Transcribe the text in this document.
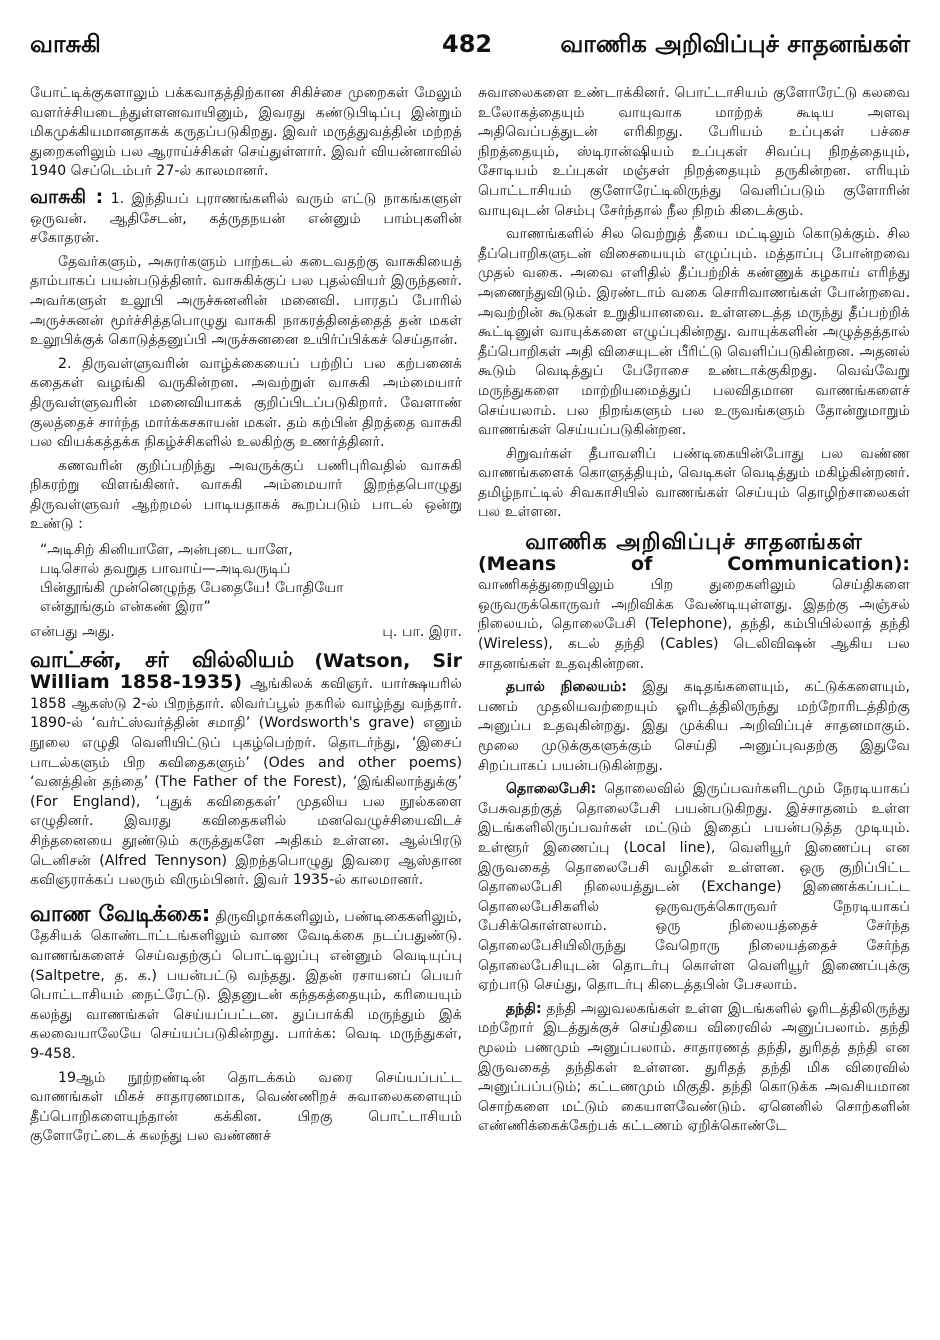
வாசுகி	482	வாணிக அறிவிப்புச் சாதனங்கள்

யோட்டிக்குகளாலும் பக்கவாதத்திற்கான சிகிச்சை முறைகள் மேலும் வளர்ச்சியடைந்துள்ளனவாயினும், இவரது கண்டுபிடிப்பு இன்றும் மிகமுக்கியமானதாகக் கருதப்படுகிறது. இவர் மருத்துவத்தின் மற்றத் துறைகளிலும் பல ஆராய்ச்சிகள் செய்துள்ளார். இவர் வியன்னாவில் 1940 செப்டெம்பர் 27-ல் காலமானர்.

வாசுகி : 1. இந்தியப் புராணங்களில் வரும் எட்டு நாகங்களுள் ஒருவன். ஆதிசேடன், கத்ருதநயன் என்னும் பாம்புகளின் சகோதரன்.

தேவர்களும், அசுரர்களும் பாற்கடல் கடைவதற்கு வாசுகியைத் தாம்பாகப் பயன்படுத்தினர். வாசுகிக்குப் பல புதல்வியர் இருந்தனர். அவர்களுள் உலூபி அருச்சுனனின் மனைவி. பாரதப் போரில் அருச்சுனன் மூர்ச்சித்தபொழுது வாசுகி நாகரத்தினத்தைத் தன் மகள் உலூபிக்குக் கொடுத்தனுப்பி அருச்சுனனை உயிர்ப்பிக்கச் செய்தான்.

2. திருவள்ளுவரின் வாழ்க்கையைப் பற்றிப் பல கற்பனைக் கதைகள் வழங்கி வருகின்றன. அவற்றுள் வாசுகி அம்மையார் திருவள்ளுவரின் மனைவியாகக் குறிப்பிடப்படுகிறார். வேளாண் குலத்தைச் சார்ந்த மார்க்கசகாயன் மகள். தம் கற்பின் திறத்தை வாசுகி பல வியக்கத்தக்க நிகழ்ச்சிகளில் உலகிற்கு உணர்த்தினர்.

கணவரின் குறிப்பறிந்து அவருக்குப் பணிபுரிவதில் வாசுகி நிகரற்று விளங்கினர். வாசுகி அம்மையார் இறந்தபொழுது திருவள்ளுவர் ஆற்றமல் பாடியதாகக் கூறப்படும் பாடல் ஒன்று உண்டு :

“அடிசிற் கினியாளே, அன்புடை யாளே,
படிசொல் தவறுத பாவாய்—அடிவருடிப்
பின்தூங்கி முன்னெழுந்த பேதையே! போதியோ
என்தூங்கும் என்கண் இரா”
என்பது அது.	பு. பா. இரா.

வாட்சன், சர் வில்லியம் (Watson, Sir William 1858-1935) ஆங்கிலக் கவிஞர். யார்க்ஷயரில் 1858 ஆகஸ்டு 2-ல் பிறந்தார். லிவர்ப்பூல் நகரில் வாழ்ந்து வந்தார். 1890-ல் ‘வர்ட்ஸ்வர்த்தின் சமாதி’ (Wordsworth's grave) எனும் நூலை எழுதி வெளியிட்டுப் புகழ்பெற்றர். தொடர்ந்து, ‘இசைப் பாடல்களும் பிற கவிதைகளும்’ (Odes and other poems) ‘வனத்தின் தந்தை’ (The Father of the Forest), ‘இங்கிலாந்துக்கு’ (For England), ‘புதுக் கவிதைகள்’ முதலிய பல நூல்களை எழுதினர். இவரது கவிதைகளில் மனவெழுச்சியைவிடச் சிந்தனையை தூண்டும் கருத்துகளே அதிகம் உள்ளன. ஆல்பிரடு டெனிசன் (Alfred Tennyson) இறந்தபொழுது இவரை ஆஸ்தான கவிஞராக்கப் பலரும் விரும்பினர். இவர் 1935-ல் காலமானர்.

வாண வேடிக்கை: திருவிழாக்களிலும், பண்டிகைகளிலும், தேசியக் கொண்டாட்டங்களிலும் வாண வேடிக்கை நடப்பதுண்டு. வாணங்களைச் செய்வதற்குப் பொட்டிலுப்பு என்னும் வெடியுப்பு (Saltpetre, த. க.) பயன்பட்டு வந்தது. இதன் ரசாயனப் பெயர் பொட்டாசியம் நைட்ரேட்டு. இதனுடன் கந்தகத்தையும், கரியையும் கலந்து வாணங்கள் செய்யப்பட்டன. துப்பாக்கி மருந்தும் இக் கலவையாலேயே செய்யப்படுகின்றது. பார்க்க: வெடி மருந்துகள், 9-458.

19ஆம் நூற்றண்டின் தொடக்கம் வரை செய்யப்பட்ட வாணங்கள் மிகச் சாதாரணமாக, வெண்ணிறச் சுவாலைகளையும் தீப்பொறிகளையுந்தான் கக்கின. பிறகு பொட்டாசியம் குளோரேட்டைக் கலந்து பல வண்ணச்

சுவாலைகளை உண்டாக்கினர். பொட்டாசியம் குளோரேட்டு கலவை உலோகத்தையும் வாயுவாக மாற்றக் கூடிய அளவு அதிவெப்பத்துடன் எரிகிறது. பேரியம் உப்புகள் பச்சை நிறத்தையும், ஸ்டிரான்ஷியம் உப்புகள் சிவப்பு நிறத்தையும், சோடியம் உப்புகள் மஞ்சள் நிறத்தையும் தருகின்றன. எரியும் பொட்டாசியம் குளோரேட்டிலிருந்து வெளிப்படும் குளோரின் வாயுவுடன் செம்பு சேர்ந்தால் நீல நிறம் கிடைக்கும்.

வாணங்களில் சில வெற்றுத் தீயை மட்டிலும் கொடுக்கும். சில தீப்பொறிகளுடன் விசையையும் எழுப்பும். மத்தாப்பு போன்றவை முதல் வகை. அவை எளிதில் தீப்பற்றிக் கண்ணுக் கழகாய் எரிந்து அணைந்துவிடும். இரண்டாம் வகை சொரிவாணங்கள் போன்றவை. அவற்றின் கூடுகள் உறுதியானவை. உள்ளடைத்த மருந்து தீப்பற்றிக் கூட்டினுள் வாயுக்களை எழுப்புகின்றது. வாயுக்களின் அழுத்தத்தால் தீப்பொறிகள் அதி விசையுடன் பீரிட்டு வெளிப்படுகின்றன. அதனல் கூடும் வெடித்துப் பேரோசை உண்டாக்குகிறது. வெவ்வேறு மருந்துகளை மாற்றியமைத்துப் பலவிதமான வாணங்களைச் செய்யலாம். பல நிறங்களும் பல உருவங்களும் தோன்றுமாறும் வாணங்கள் செய்யப்படுகின்றன.

சிறுவர்கள் தீபாவளிப் பண்டிகையின்போது பல வண்ண வாணங்களைக் கொளுத்தியும், வெடிகள் வெடித்தும் மகிழ்கின்றனர். தமிழ்நாட்டில் சிவகாசியில் வாணங்கள் செய்யும் தொழிற்சாலைகள் பல உள்ளன.

வாணிக அறிவிப்புச் சாதனங்கள்

(Means of Communication): வாணிகத்துறையிலும் பிற துறைகளிலும் செய்திகளை ஒருவருக்கொருவர் அறிவிக்க வேண்டியுள்ளது. இதற்கு அஞ்சல் நிலையம், தொலைபேசி (Telephone), தந்தி, கம்பியில்லாத் தந்தி (Wireless), கடல் தந்தி (Cables) டெலிவிஷன் ஆகிய பல சாதனங்கள் உதவுகின்றன.

தபால் நிலையம்: இது கடிதங்களையும், கட்டுக்களையும், பணம் முதலியவற்றையும் ஓரிடத்திலிருந்து மற்றோரிடத்திற்கு அனுப்ப உதவுகின்றது. இது முக்கிய அறிவிப்புச் சாதனமாகும். மூலை முடுக்குகளுக்கும் செய்தி அனுப்புவதற்கு இதுவே சிறப்பாகப் பயன்படுகின்றது.

தொலைபேசி: தொலைவில் இருப்பவர்களிடமும் நேரடியாகப் பேசுவதற்குத் தொலைபேசி பயன்படுகிறது. இச்சாதனம் உள்ள இடங்களிலிருப்பவர்கள் மட்டும் இதைப் பயன்படுத்த முடியும். உள்ளூர் இணைப்பு (Local line), வெளியூர் இணைப்பு என இருவகைத் தொலைபேசி வழிகள் உள்ளன. ஒரு குறிப்பிட்ட தொலைபேசி நிலையத்துடன் (Exchange) இணைக்கப்பட்ட தொலைபேசிகளில் ஒருவருக்கொருவர் நேரடியாகப் பேசிக்கொள்ளலாம். ஒரு நிலையத்தைச் சேர்ந்த தொலைபேசியிலிருந்து வேறொரு நிலையத்தைச் சேர்ந்த தொலைபேசியுடன் தொடர்பு கொள்ள வெளியூர் இணைப்புக்கு ஏற்பாடு செய்து, தொடர்பு கிடைத்தபின் பேசலாம்.

தந்தி: தந்தி அலுவலகங்கள் உள்ள இடங்களில் ஓரிடத்திலிருந்து மற்றோர் இடத்துக்குச் செய்தியை விரைவில் அனுப்பலாம். தந்தி மூலம் பணமும் அனுப்பலாம். சாதாரணத் தந்தி, துரிதத் தந்தி என இருவகைத் தந்திகள் உள்ளன. துரிதத் தந்தி மிக விரைவில் அனுப்பப்படும்; கட்டணமும் மிகுதி. தந்தி கொடுக்க அவசியமான சொற்களை மட்டும் கையாளவேண்டும். ஏனெனில் சொற்களின் எண்ணிக்கைக்கேற்பக் கட்டணம் ஏறிக்கொண்டே
